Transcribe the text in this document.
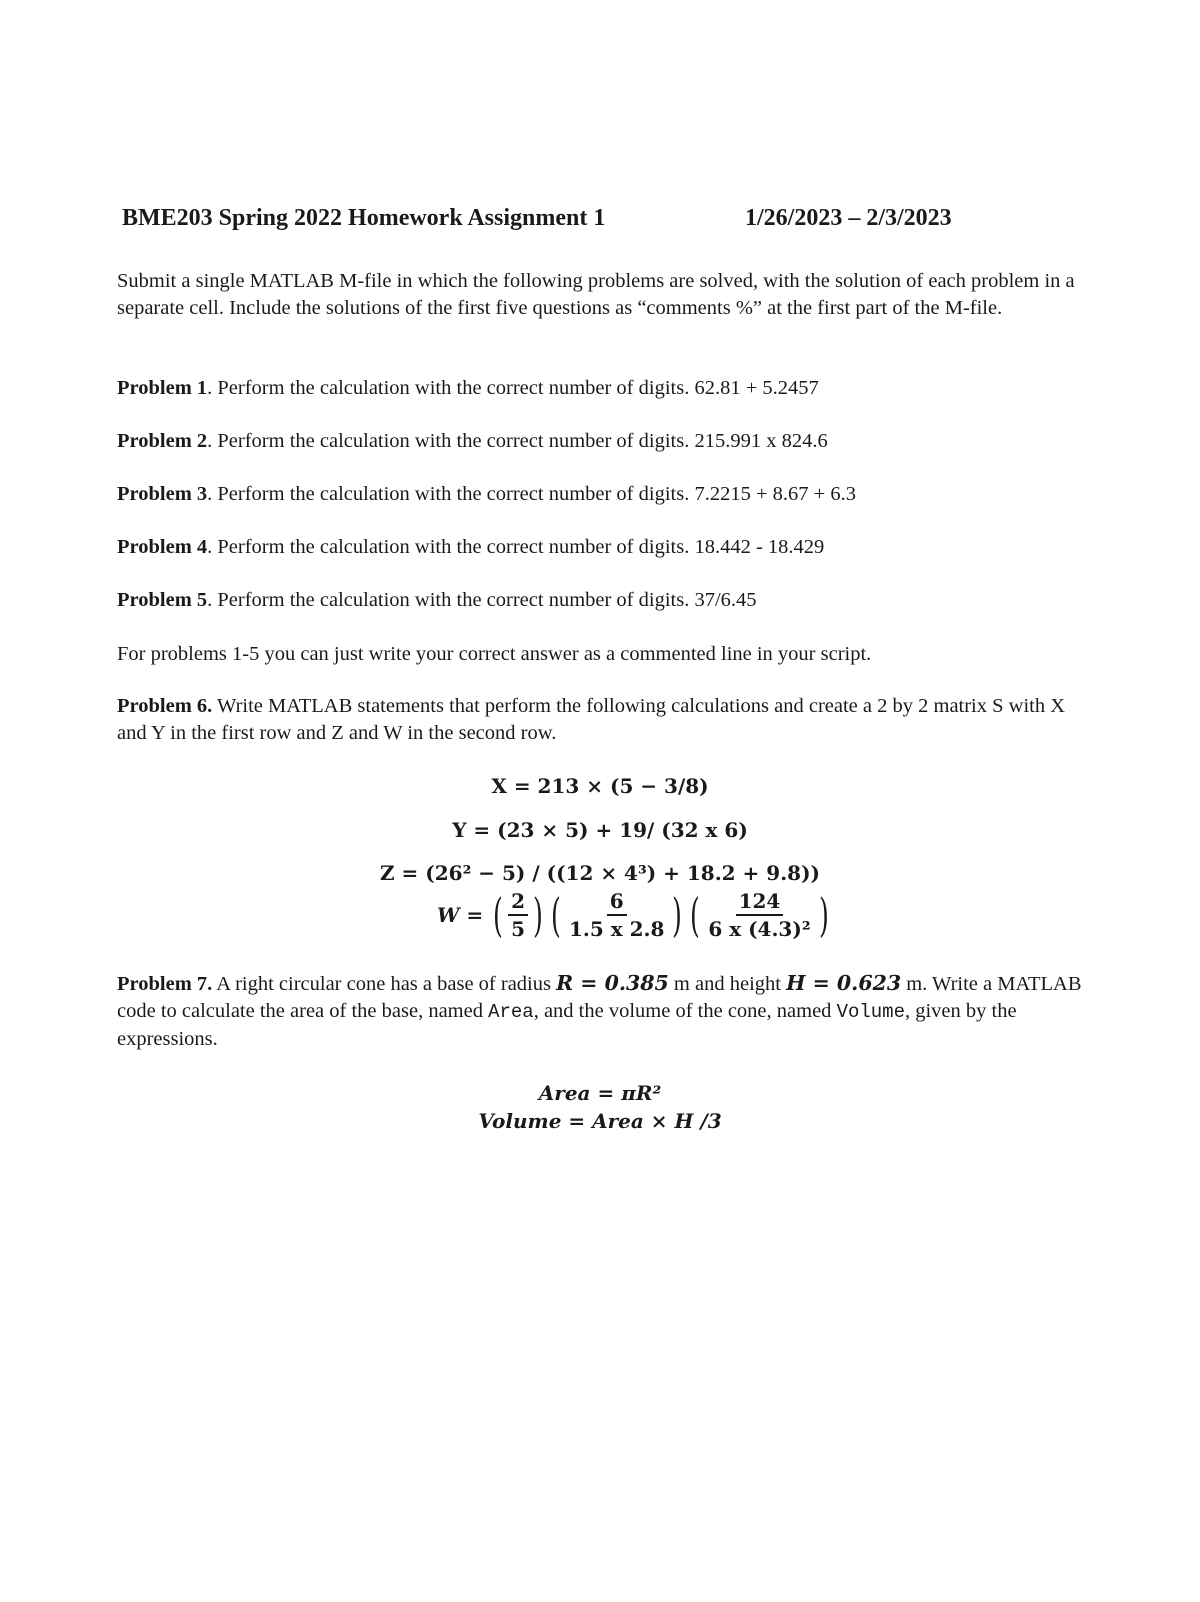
BME203 Spring 2022 Homework Assignment 1	1/26/2023 – 2/3/2023
Submit a single MATLAB M-file in which the following problems are solved, with the solution of each problem in a separate cell. Include the solutions of the first five questions as “comments %” at the first part of the M-file.
Problem 1. Perform the calculation with the correct number of digits. 62.81 + 5.2457
Problem 2. Perform the calculation with the correct number of digits. 215.991 x 824.6
Problem 3. Perform the calculation with the correct number of digits. 7.2215 + 8.67 + 6.3
Problem 4. Perform the calculation with the correct number of digits. 18.442 - 18.429
Problem 5. Perform the calculation with the correct number of digits. 37/6.45
For problems 1-5 you can just write your correct answer as a commented line in your script.
Problem 6. Write MATLAB statements that perform the following calculations and create a 2 by 2 matrix S with X and Y in the first row and Z and W in the second row.
X = 213 × (5 − 3/8)
Y = (23 × 5) + 19/ (32 x 6)
Z = (26² − 5) / ((12 × 4³) + 18.2 + 9.8))
W = ( $\frac{2}{5}$ ) ( $\frac{6}{1.5 x 2.8}$ ) ( $\frac{124}{\text{6 x (4.3)²}}$ )
Problem 7. A right circular cone has a base of radius R = 0.385 m and height H = 0.623 m. Write a MATLAB code to calculate the area of the base, named Area, and the volume of the cone, named Volume, given by the expressions.
Area = πR²
Volume = Area × H /3
